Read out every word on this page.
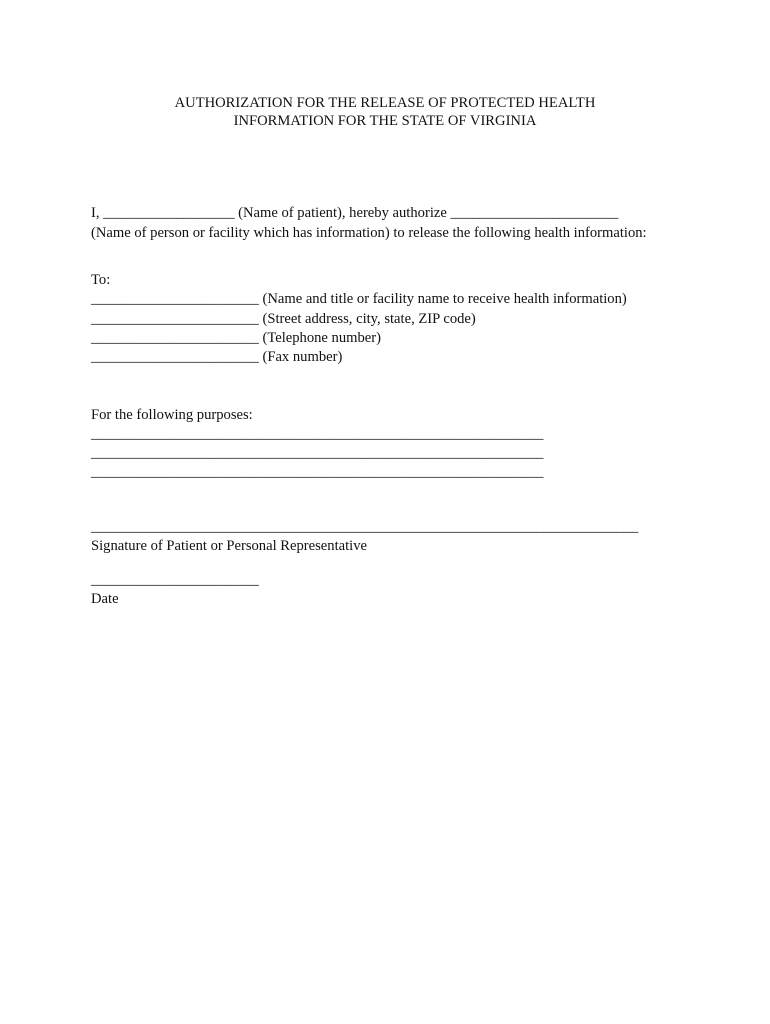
AUTHORIZATION FOR THE RELEASE OF PROTECTED HEALTH
INFORMATION FOR THE STATE OF VIRGINIA
I, __________________ (Name of patient), hereby authorize _______________________
(Name of person or facility which has information) to release the following health information:
To:
_______________________ (Name and title or facility name to receive health information)
_______________________ (Street address, city, state, ZIP code)
_______________________ (Telephone number)
_______________________ (Fax number)
For the following purposes:
______________________________________________________________
______________________________________________________________
______________________________________________________________
___________________________________________________________________________
Signature of Patient or Personal Representative
_______________________
Date
